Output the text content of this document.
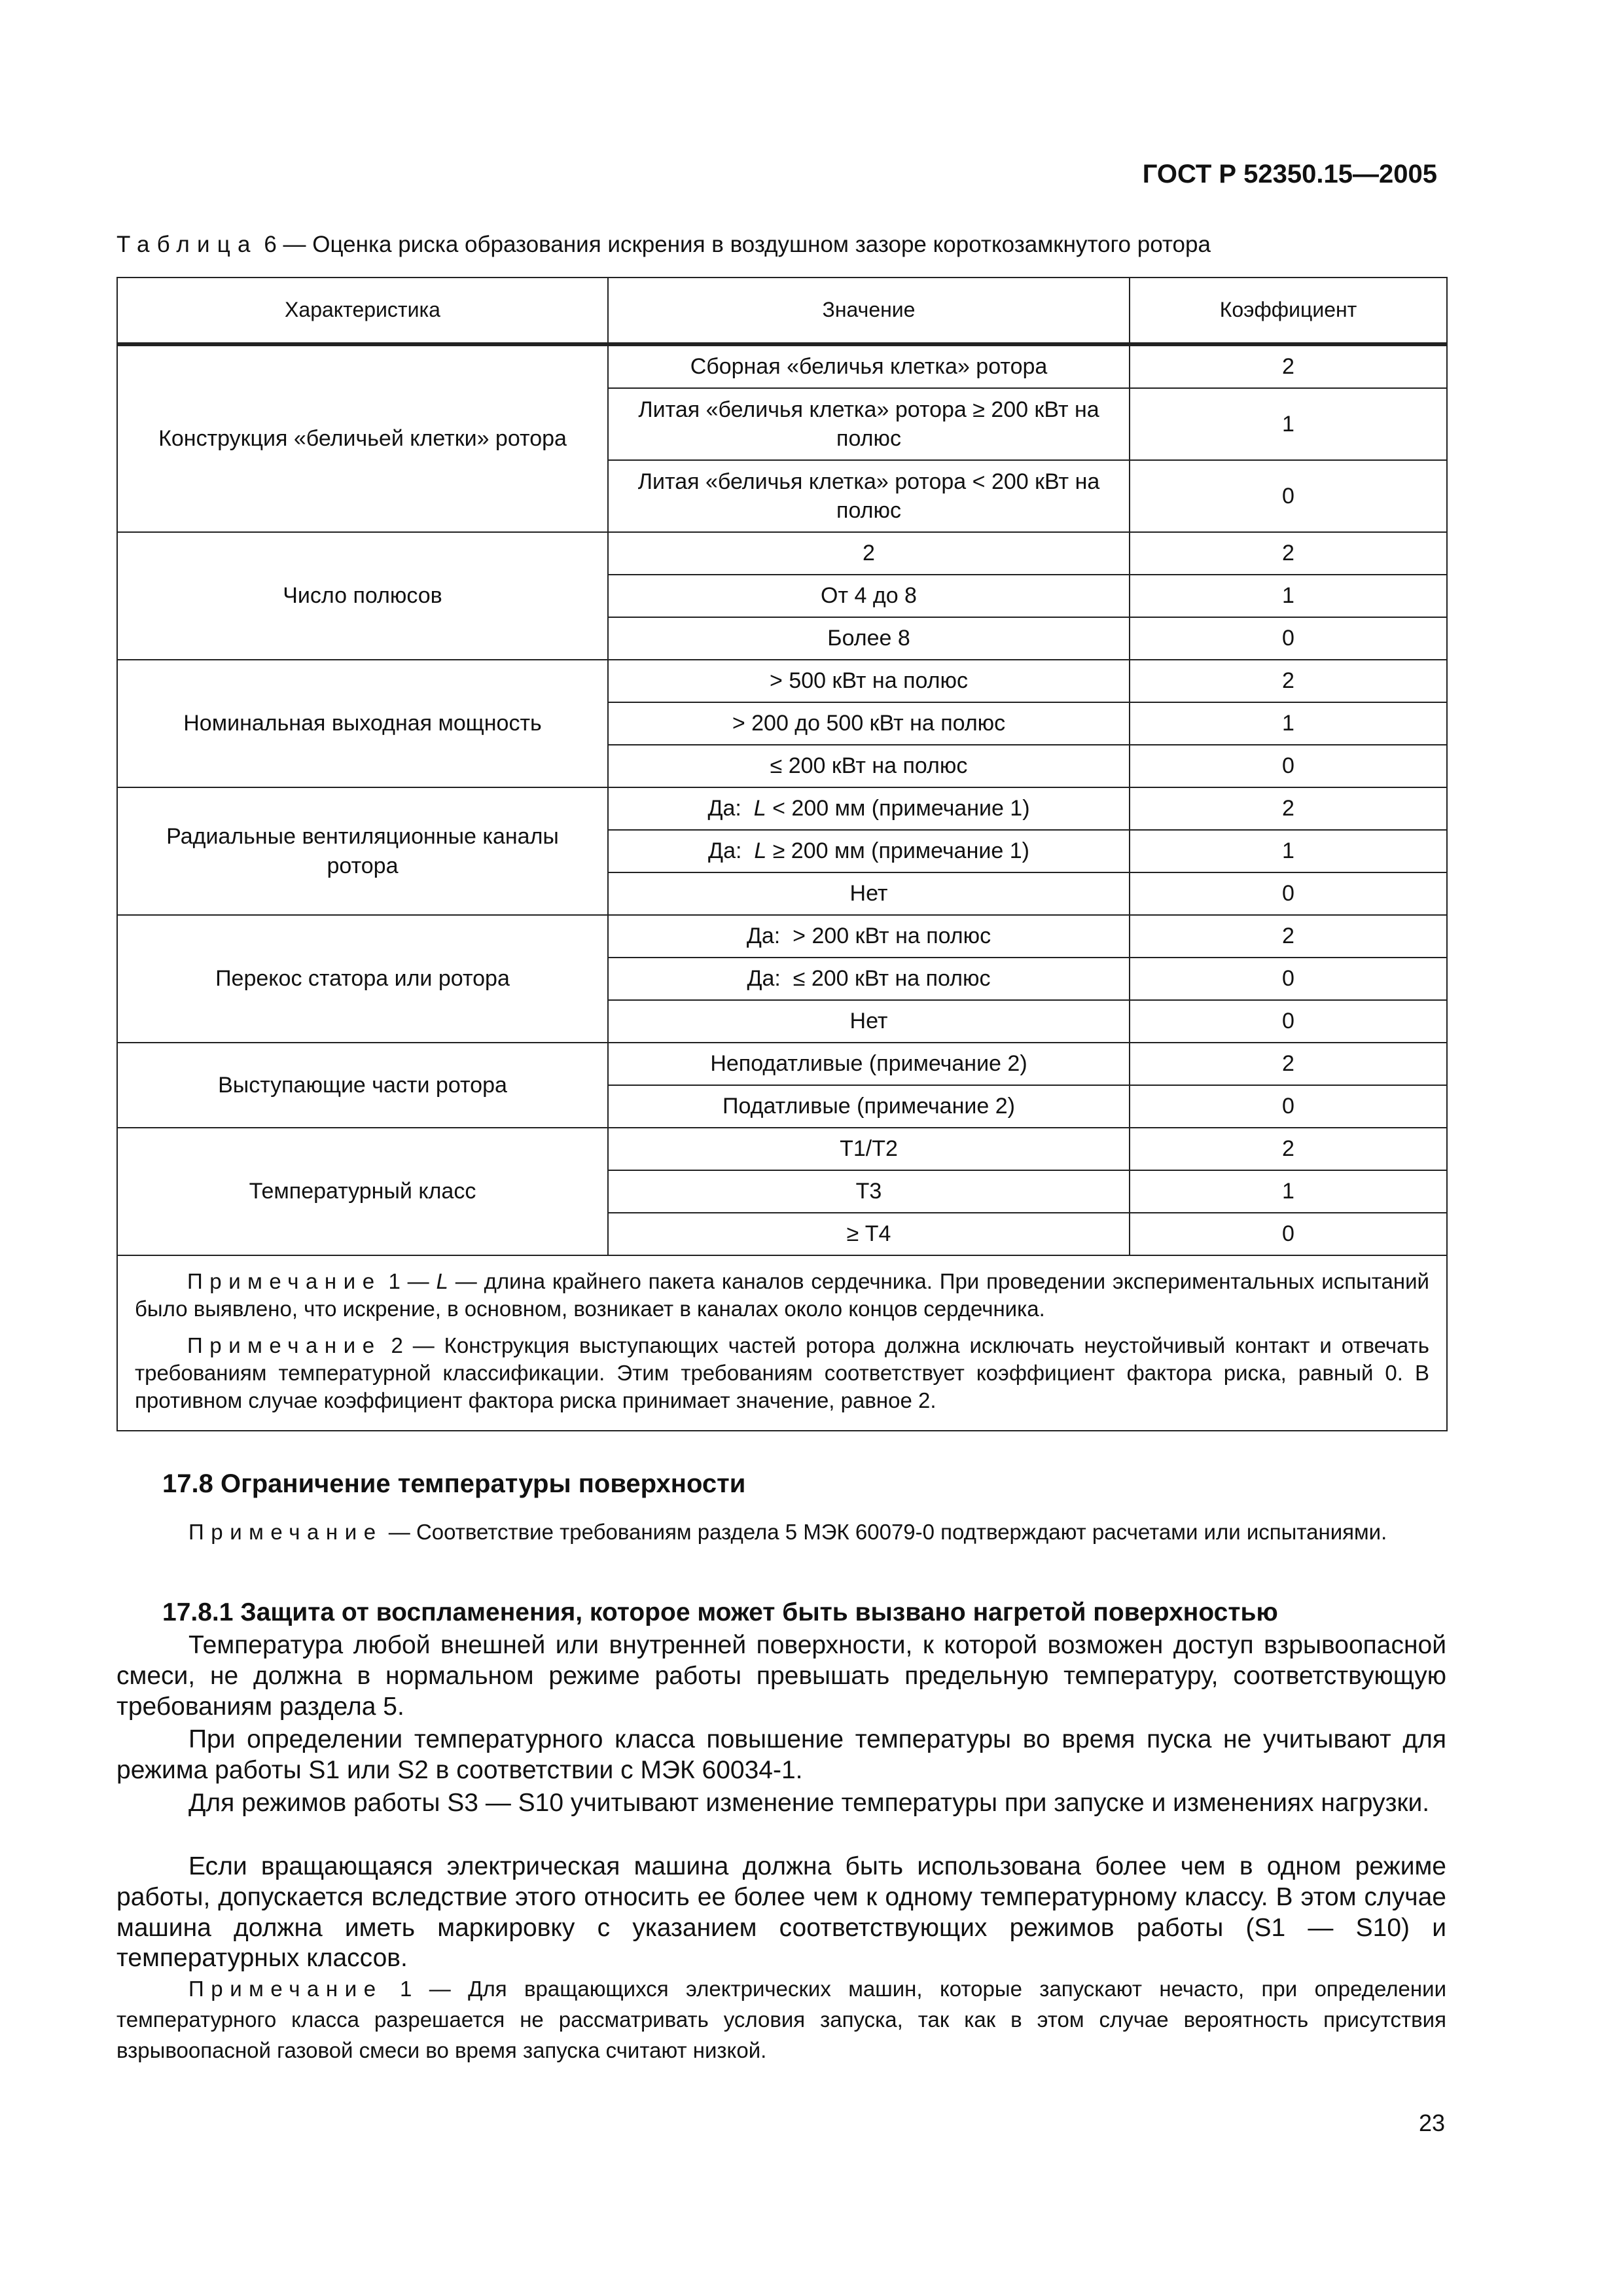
ГОСТ Р 52350.15—2005
Таблица 6 — Оценка риска образования искрения в воздушном зазоре короткозамкнутого ротора
Характеристика	Значение	Коэффициент
Конструкция «беличьей клетки» ротора	Сборная «беличья клетка» ротора	2
	Литая «беличья клетка» ротора ≥ 200 кВт на полюс	1
	Литая «беличья клетка» ротора < 200 кВт на полюс	0
Число полюсов	2	2
	От 4 до 8	1
	Более 8	0
Номинальная выходная мощность	> 500 кВт на полюс	2
	> 200 до 500 кВт на полюс	1
	≤ 200 кВт на полюс	0
Радиальные вентиляционные каналы ротора	Да:  L < 200 мм (примечание 1)	2
	Да:  L ≥ 200 мм (примечание 1)	1
	Нет	0
Перекос статора или ротора	Да:  > 200 кВт на полюс	2
	Да:  ≤ 200 кВт на полюс	0
	Нет	0
Выступающие части ротора	Неподатливые (примечание 2)	2
	Податливые (примечание 2)	0
Температурный класс	Т1/Т2	2
	Т3	1
	≥ Т4	0

Примечание 1 — L — длина крайнего пакета каналов сердечника. При проведении экспериментальных испытаний было выявлено, что искрение, в основном, возникает в каналах около концов сердечника.

Примечание 2 — Конструкция выступающих частей ротора должна исключать неустойчивый контакт и отвечать требованиям температурной классификации. Этим требованиям соответствует коэффициент фактора риска, равный 0. В противном случае коэффициент фактора риска принимает значение, равное 2.		

17.8 Ограничение температуры поверхности
Примечание — Соответствие требованиям раздела 5 МЭК 60079-0 подтверждают расчетами или испытаниями.
17.8.1 Защита от воспламенения, которое может быть вызвано нагретой поверхностью

Температура любой внешней или внутренней поверхности, к которой возможен доступ взрывоопасной смеси, не должна в нормальном режиме работы превышать предельную температуру, соответствующую требованиям раздела 5.

При определении температурного класса повышение температуры во время пуска не учитывают для режима работы S1 или S2 в соответствии с МЭК 60034-1.

Для режимов работы S3 — S10 учитывают изменение температуры при запуске и изменениях нагрузки.

Если вращающаяся электрическая машина должна быть использована более чем в одном режиме работы, допускается вследствие этого относить ее более чем к одному температурному классу. В этом случае машина должна иметь маркировку с указанием соответствующих режимов работы (S1 — S10) и температурных классов.

Примечание 1 — Для вращающихся электрических машин, которые запускают нечасто, при определении температурного класса разрешается не рассматривать условия запуска, так как в этом случае вероятность присутствия взрывоопасной газовой смеси во время запуска считают низкой.
23
